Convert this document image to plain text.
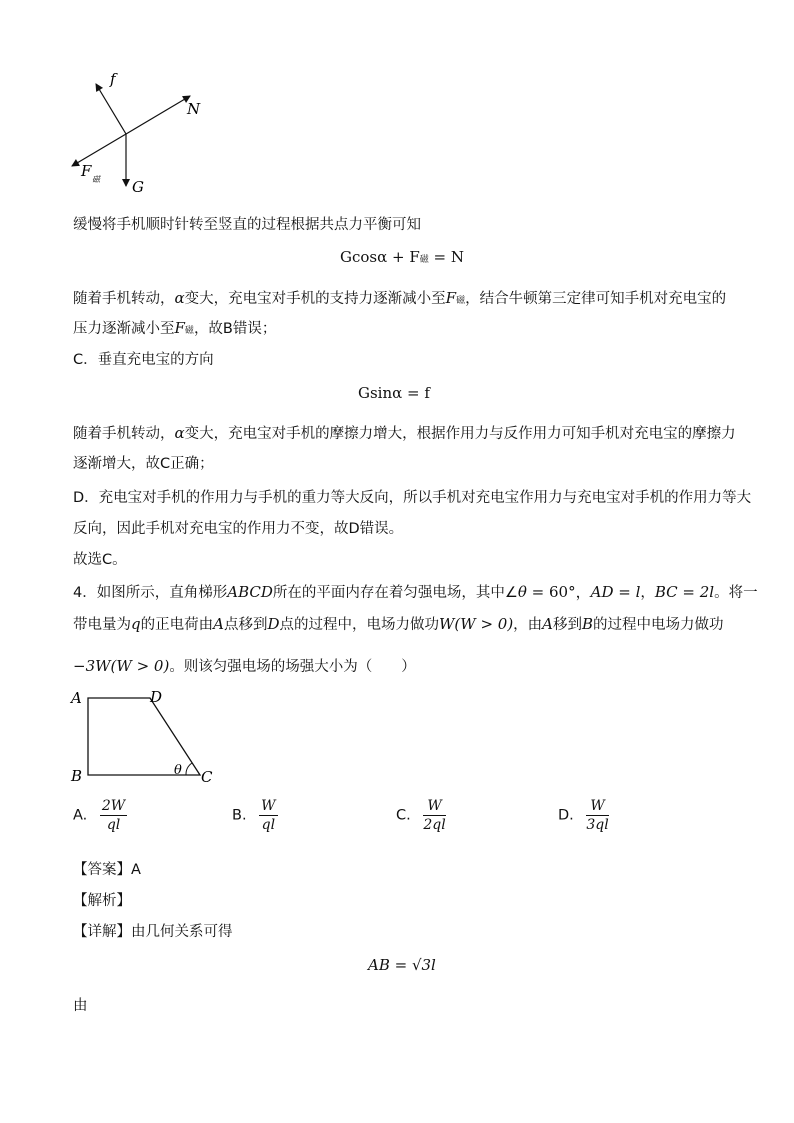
f
N
F 磁 G
缓慢将手机顺时针转至竖直的过程根据共点力平衡可知
Gcosα + F磁 = N
随着手机转动，α变大，充电宝对手机的支持力逐渐减小至F磁，结合牛顿第三定律可知手机对充电宝的
压力逐渐减小至F磁，故B错误；
C．垂直充电宝的方向
Gsinα = f
随着手机转动，α变大，充电宝对手机的摩擦力增大，根据作用力与反作用力可知手机对充电宝的摩擦力
逐渐增大，故C正确；
D．充电宝对手机的作用力与手机的重力等大反向，所以手机对充电宝作用力与充电宝对手机的作用力等大
反向，因此手机对充电宝的作用力不变，故D错误。
故选C。
4．如图所示，直角梯形ABCD所在的平面内存在着匀强电场，其中∠θ = 60°，AD = l，BC = 2l。将一
带电量为q的正电荷由A点移到D点的过程中，电场力做功W(W > 0)，由A移到B的过程中电场力做功
−3W(W > 0)。则该匀强电场的场强大小为（　　）
A	D
B	C
θ
A. $\frac{2W}{ql}$	B. $\frac{W}{ql}$	C. $\frac{W}{2ql}$	D. $\frac{W}{3ql}$
【答案】A
【解析】
【详解】由几何关系可得
AB = √3l
由
